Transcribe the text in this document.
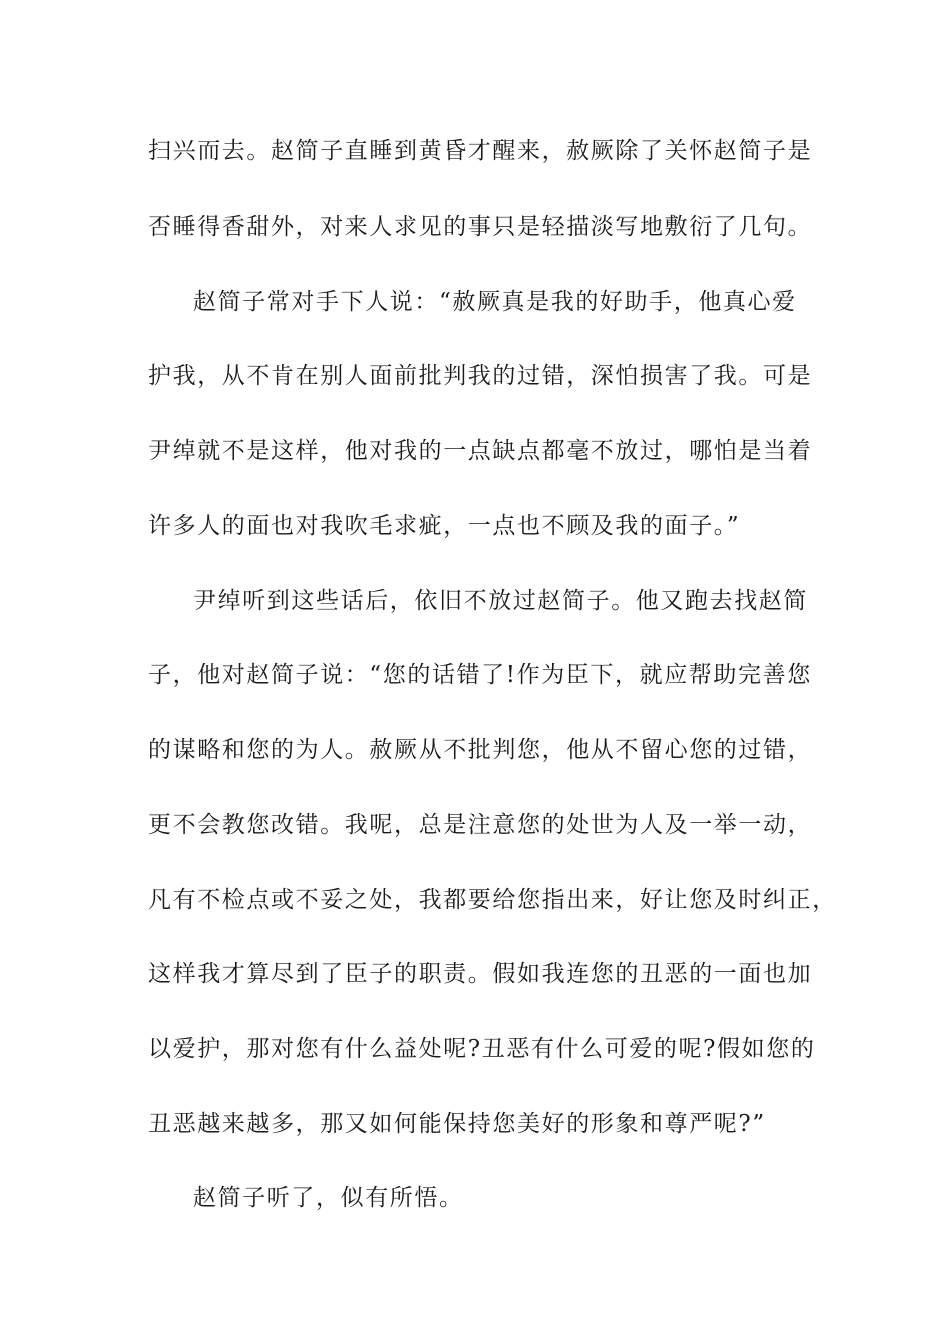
扫兴而去。赵简子直睡到黄昏才醒来，赦厥除了关怀赵简子是
否睡得香甜外，对来人求见的事只是轻描淡写地敷衍了几句。
赵简子常对手下人说：“赦厥真是我的好助手，他真心爱
护我，从不肯在别人面前批判我的过错，深怕损害了我。可是
尹绰就不是这样，他对我的一点缺点都毫不放过，哪怕是当着
许多人的面也对我吹毛求疵，一点也不顾及我的面子。”
尹绰听到这些话后，依旧不放过赵简子。他又跑去找赵简
子，他对赵简子说：“您的话错了!作为臣下，就应帮助完善您
的谋略和您的为人。赦厥从不批判您，他从不留心您的过错，
更不会教您改错。我呢，总是注意您的处世为人及一举一动，
凡有不检点或不妥之处，我都要给您指出来，好让您及时纠正，
这样我才算尽到了臣子的职责。假如我连您的丑恶的一面也加
以爱护，那对您有什么益处呢?丑恶有什么可爱的呢?假如您的
丑恶越来越多，那又如何能保持您美好的形象和尊严呢?”
赵简子听了，似有所悟。
